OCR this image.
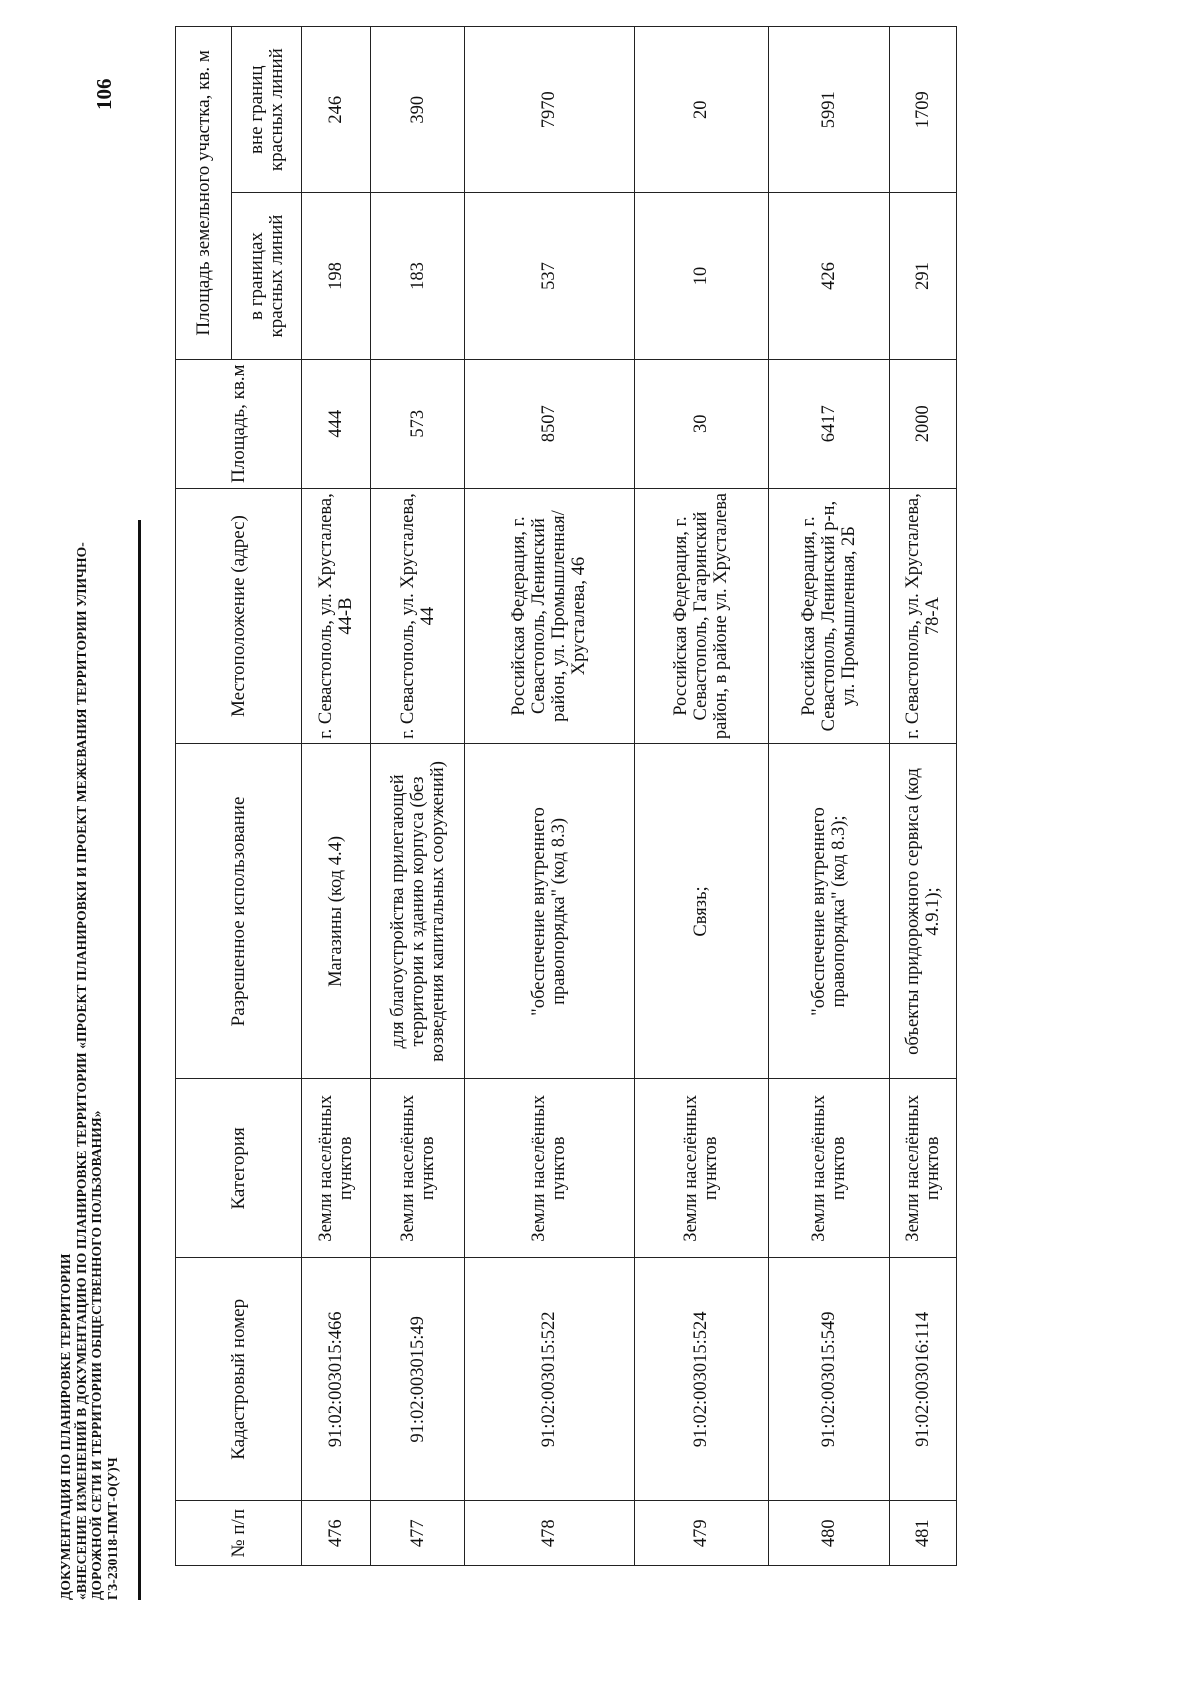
ДОКУМЕНТАЦИЯ ПО ПЛАНИРОВКЕ ТЕРРИТОРИИ «ВНЕСЕНИЕ ИЗМЕНЕНИЙ В ДОКУМЕНТАЦИЮ ПО ПЛАНИРОВКЕ ТЕРРИТОРИИ «ПРОЕКТ ПЛАНИРОВКИ И ПРОЕКТ МЕЖЕВАНИЯ ТЕРРИТОРИИ УЛИЧНО- ДОРОЖНОЙ СЕТИ И ТЕРРИТОРИИ ОБЩЕСТВЕННОГО ПОЛЬЗОВАНИЯ» ГЗ-230118-ПМТ-О(У)Ч
106
№ п/п	Кадастровый номер	Категория	Разрешенное использование	Местоположение (адрес)	Площадь, кв.м	Площадь земельного участка, кв. м	
						в границах красных линий	вне границ красных линий
476	91:02:003015:466	Земли населённых пунктов	Магазины (код 4.4)	г. Севастополь, ул. Хрусталева, 44-В	444	198	246
477	91:02:003015:49	Земли населённых пунктов	для благоустройства прилегающей территории к зданию корпуса (без возведения капитальных сооружений)	г. Севастополь, ул. Хрусталева, 44	573	183	390
478	91:02:003015:522	Земли населённых пунктов	"обеспечение внутреннего правопорядка" (код 8.3)	Российская Федерация, г. Севастополь, Ленинский район, ул. Промышленная/Хрусталева, 46	8507	537	7970
479	91:02:003015:524	Земли населённых пунктов	Связь;	Российская Федерация, г. Севастополь, Гагаринский район, в районе ул. Хрусталева	30	10	20
480	91:02:003015:549	Земли населённых пунктов	"обеспечение внутреннего правопорядка" (код 8.3);	Российская Федерация, г. Севастополь, Ленинский р-н, ул. Промышленная, 2Б	6417	426	5991
481	91:02:003016:114	Земли населённых пунктов	объекты придорожного сервиса (код 4.9.1);	г. Севастополь, ул. Хрусталева, 78-А	2000	291	1709
